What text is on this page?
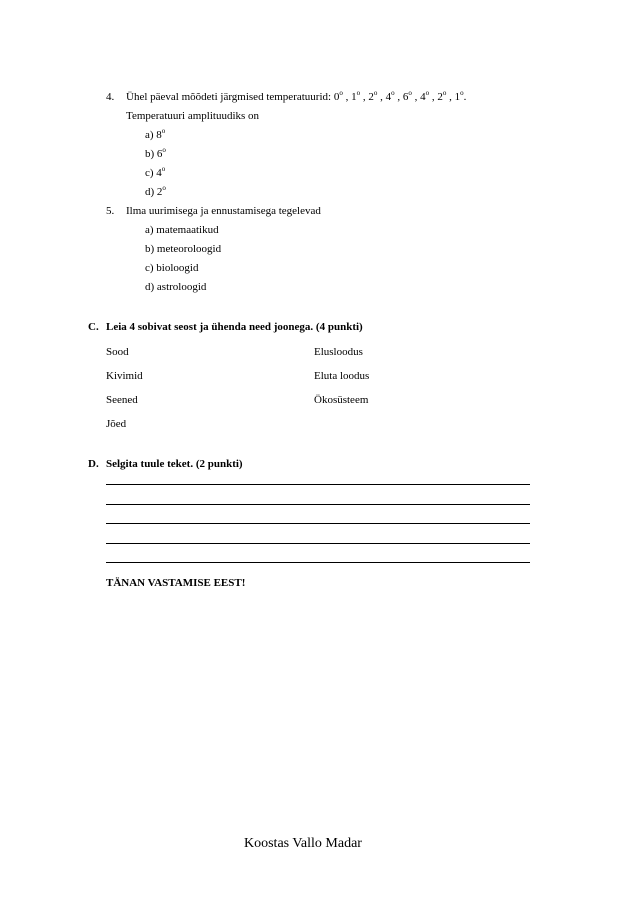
4. Ühel päeval mõõdeti järgmised temperatuurid: 0$^o$ , 1$^o$ , 2$^o$ , 4$^o$ , 6$^o$ , 4$^o$ , 2$^o$ , 1$^o$.
Temperatuuri amplituudiks on
a) 8$^o$
b) 6$^o$
c) 4$^o$
d) 2$^o$
5. Ilma uurimisega ja ennustamisega tegelevad
a) matemaatikud
b) meteoroloogid
c) bioloogid
d) astroloogid
C. Leia 4 sobivat seost ja ühenda need joonega. (4 punkti)
Sood
Kivimid
Seened
Jõed
Elusloodus
Eluta loodus
Ökosüsteem
D. Selgita tuule teket. (2 punkti)
TÄNAN VASTAMISE EEST!
Koostas Vallo Madar
